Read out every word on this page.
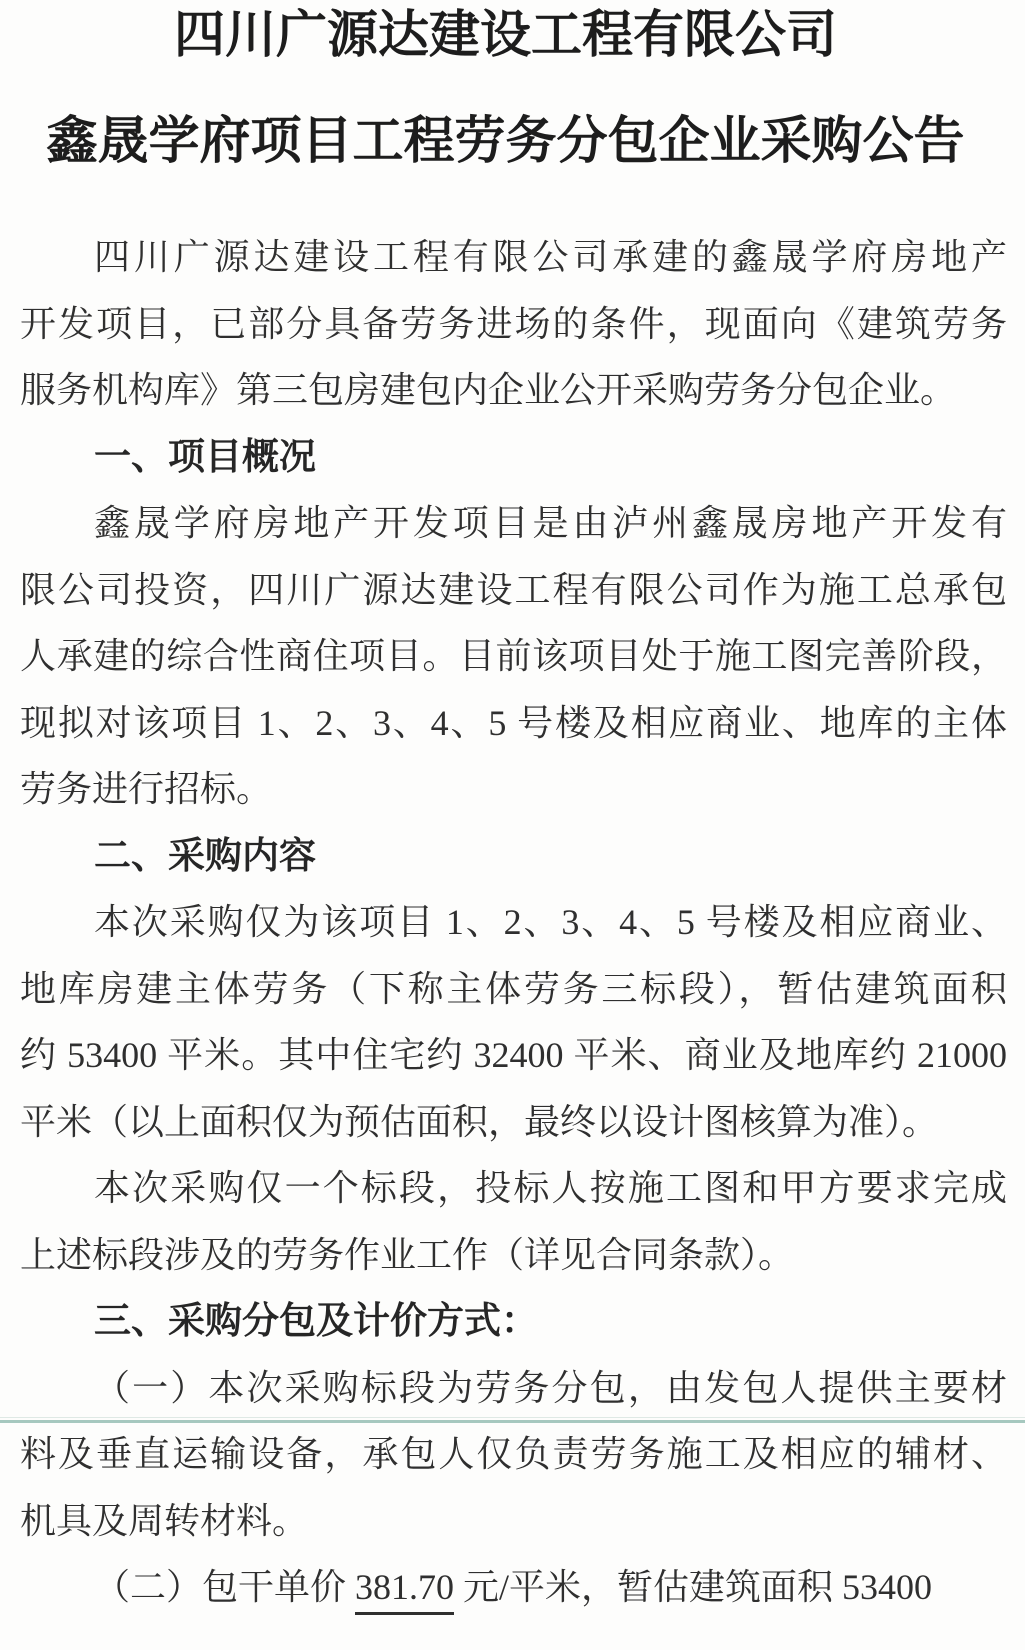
四川广源达建设工程有限公司
鑫晟学府项目工程劳务分包企业采购公告
四川广源达建设工程有限公司承建的鑫晟学府房地产
开发项目，已部分具备劳务进场的条件，现面向《建筑劳务
服务机构库》第三包房建包内企业公开采购劳务分包企业。
一、项目概况
鑫晟学府房地产开发项目是由泸州鑫晟房地产开发有
限公司投资，四川广源达建设工程有限公司作为施工总承包
人承建的综合性商住项目。目前该项目处于施工图完善阶段，
现拟对该项目 1、2、3、4、5 号楼及相应商业、地库的主体
劳务进行招标。
二、采购内容
本次采购仅为该项目 1、2、3、4、5 号楼及相应商业、
地库房建主体劳务（下称主体劳务三标段），暂估建筑面积
约 53400 平米。其中住宅约 32400 平米、商业及地库约 21000
平米（以上面积仅为预估面积，最终以设计图核算为准）。
本次采购仅一个标段，投标人按施工图和甲方要求完成
上述标段涉及的劳务作业工作（详见合同条款）。
三、采购分包及计价方式：
（一）本次采购标段为劳务分包，由发包人提供主要材
料及垂直运输设备，承包人仅负责劳务施工及相应的辅材、
机具及周转材料。
（二）包干单价 381.70 元/平米，暂估建筑面积 53400
